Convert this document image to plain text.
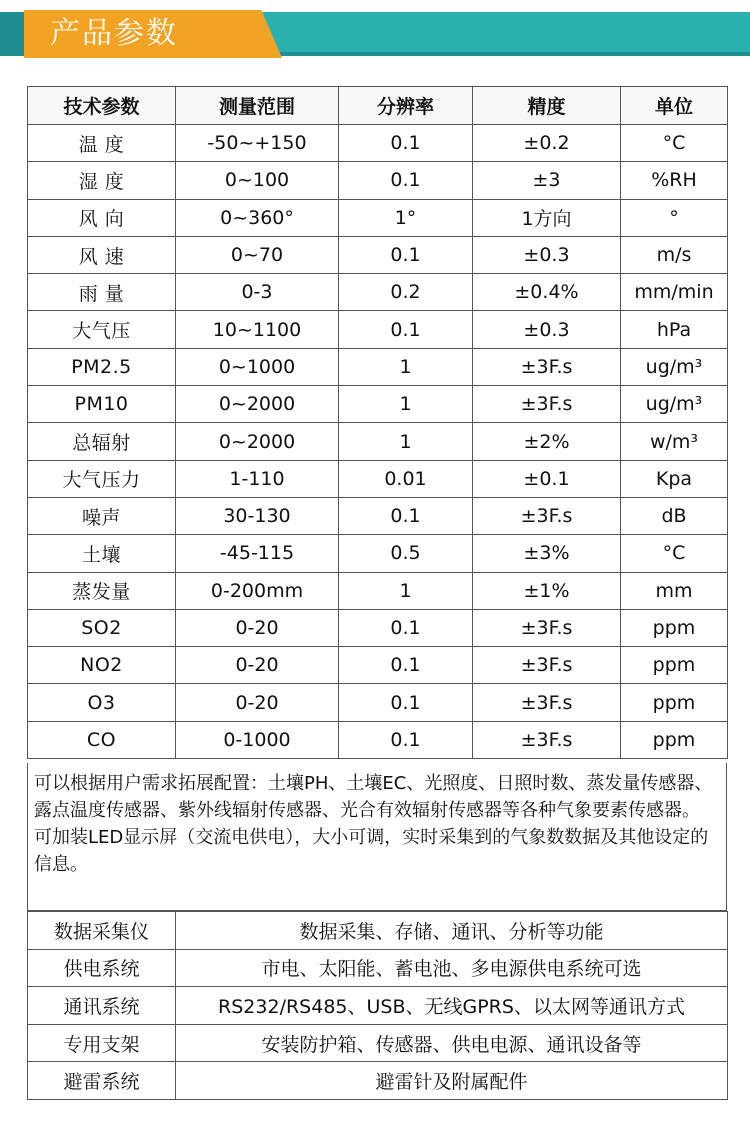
产品参数
技术参数	测量范围	分辨率	精度	单位
温 度	-50~+150	0.1	±0.2	°C
湿 度	0~100	0.1	±3	%RH
风 向	0~360°	1°	1方向	°
风 速	0~70	0.1	±0.3	m/s
雨 量	0-3	0.2	±0.4%	mm/min
大气压	10~1100	0.1	±0.3	hPa
PM2.5	0~1000	1	±3F.s	ug/m³
PM10	0~2000	1	±3F.s	ug/m³
总辐射	0~2000	1	±2%	w/m³
大气压力	1-110	0.01	±0.1	Kpa
噪声	30-130	0.1	±3F.s	dB
土壤	-45-115	0.5	±3%	°C
蒸发量	0-200mm	1	±1%	mm
SO2	0-20	0.1	±3F.s	ppm
NO2	0-20	0.1	±3F.s	ppm
O3	0-20	0.1	±3F.s	ppm
CO	0-1000	0.1	±3F.s	ppm

可以根据用户需求拓展配置：土壤PH、土壤EC、光照度、日照时数、蒸发量传感器、露点温度传感器、紫外线辐射传感器、光合有效辐射传感器等各种气象要素传感器。

可加装LED显示屏（交流电供电），大小可调，实时采集到的气象数数据及其他设定的信息。

数据采集仪	数据采集、存储、通讯、分析等功能
供电系统	市电、太阳能、蓄电池、多电源供电系统可选
通讯系统	RS232/RS485、USB、无线GPRS、以太网等通讯方式
专用支架	安装防护箱、传感器、供电电源、通讯设备等
避雷系统	避雷针及附属配件
